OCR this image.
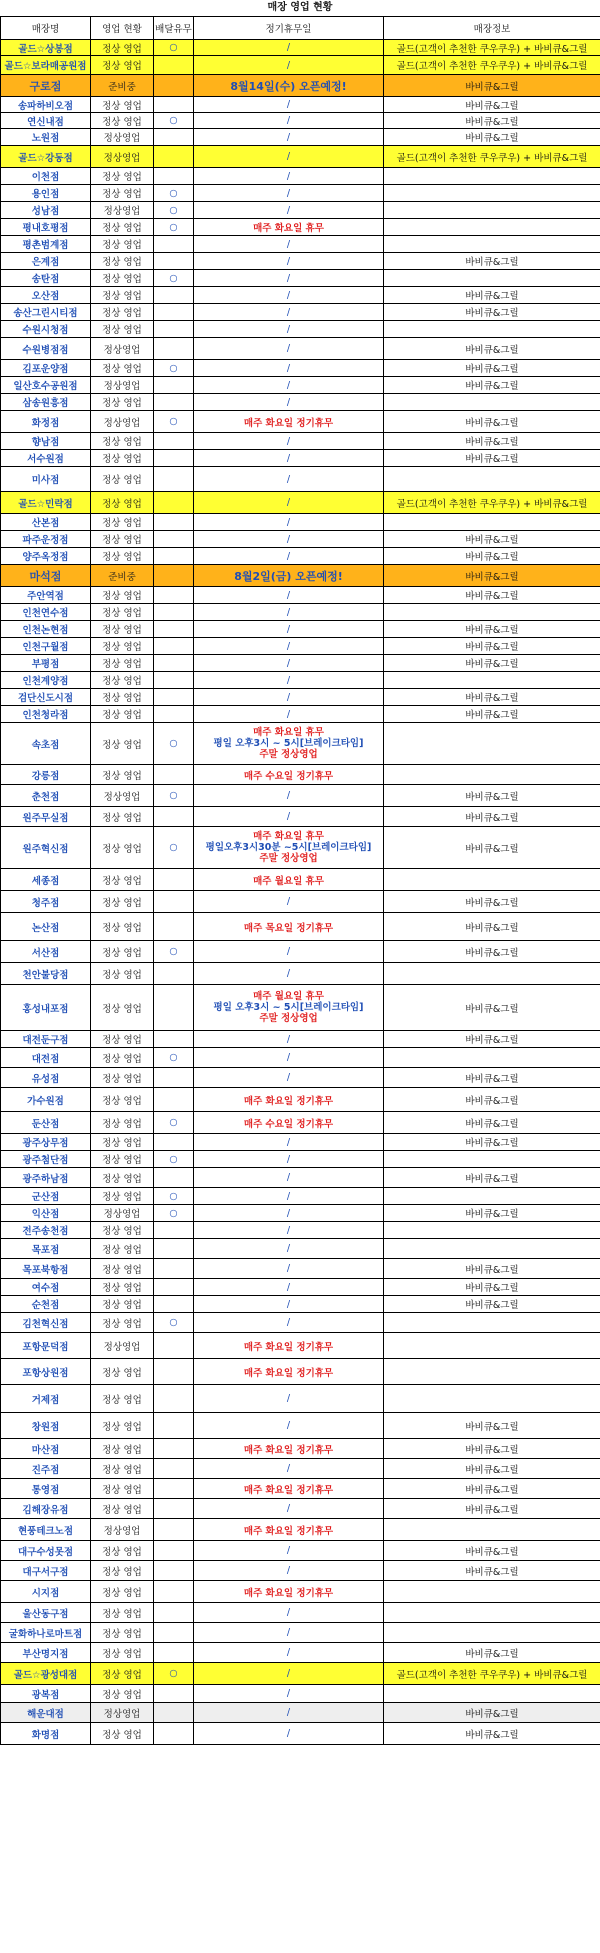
매장 영업 현황
매장명	영업 현황	배달유무	정기휴무일	매장정보
골드☆상봉점	정상 영업	○	/	골드(고객이 추천한 쿠우쿠우) + 바비큐&그릴
골드☆보라매공원점	정상 영업		/	골드(고객이 추천한 쿠우쿠우) + 바비큐&그릴
구로점	준비중		8월14일(수) 오픈예정!	바비큐&그릴
송파하비오점	정상 영업		/	바비큐&그릴
연신내점	정상 영업	○	/	바비큐&그릴
노원점	정상영업		/	바비큐&그릴
골드☆강동점	정상영업		/	골드(고객이 추천한 쿠우쿠우) + 바비큐&그릴
이천점	정상 영업		/	
용인점	정상 영업	○	/	
성남점	정상영업	○	/	
평내호평점	정상 영업	○	매주 화요일 휴무	
평촌범계점	정상 영업		/	
은계점	정상 영업		/	바비큐&그릴
송탄점	정상 영업	○	/	
오산점	정상 영업		/	바비큐&그릴
송산그린시티점	정상 영업		/	바비큐&그릴
수원시청점	정상 영업		/	
수원병점점	정상영업		/	바비큐&그릴
김포운양점	정상 영업	○	/	바비큐&그릴
일산호수공원점	정상영업		/	바비큐&그릴
삼송원흥점	정상 영업		/	
화정점	정상영업	○	매주 화요일 정기휴무	바비큐&그릴
향남점	정상 영업		/	바비큐&그릴
서수원점	정상 영업		/	바비큐&그릴
미사점	정상 영업		/	
골드☆민락점	정상 영업		/	골드(고객이 추천한 쿠우쿠우) + 바비큐&그릴
산본점	정상 영업		/	
파주운정점	정상 영업		/	바비큐&그릴
양주옥정점	정상 영업		/	바비큐&그릴
마석점	준비중		8월2일(금) 오픈예정!	바비큐&그릴
주안역점	정상 영업		/	바비큐&그릴
인천연수점	정상 영업		/	
인천논현점	정상 영업		/	바비큐&그릴
인천구월점	정상 영업		/	바비큐&그릴
부평점	정상 영업		/	바비큐&그릴
인천계양점	정상 영업		/	
검단신도시점	정상 영업		/	바비큐&그릴
인천청라점	정상 영업		/	바비큐&그릴
속초점	정상 영업	○	매주 화요일 휴무
평일 오후3시 ~ 5시[브레이크타임]
주말 정상영업	

강릉점	정상 영업		매주 수요일 정기휴무	
춘천점	정상영업	○	/	바비큐&그릴
원주무실점	정상 영업		/	바비큐&그릴
원주혁신점	정상 영업	○	매주 화요일 휴무
평일오후3시30분 ~5시[브레이크타임]
주말 정상영업	바비큐&그릴
세종점	정상 영업		매주 월요일 휴무	
청주점	정상 영업		/	바비큐&그릴
논산점	정상 영업		매주 목요일 정기휴무	바비큐&그릴
서산점	정상 영업	○	/	바비큐&그릴
천안불당점	정상 영업		/	
홍성내포점	정상 영업		매주 월요일 휴무
평일 오후3시 ~ 5시[브레이크타임]
주말 정상영업	바비큐&그릴
대전둔구점	정상 영업		/	바비큐&그릴
대전점	정상 영업	○	/	
유성점	정상 영업		/	바비큐&그릴
가수원점	정상 영업		매주 화요일 정기휴무	바비큐&그릴
둔산점	정상 영업	○	매주 수요일 정기휴무	바비큐&그릴
광주상무점	정상 영업		/	바비큐&그릴
광주첨단점	정상 영업	○	/	
광주하남점	정상 영업		/	바비큐&그릴
군산점	정상 영업	○	/	
익산점	정상영업	○	/	바비큐&그릴
전주송천점	정상 영업		/	
목포점	정상 영업		/	
목포북항점	정상 영업		/	바비큐&그릴
여수점	정상 영업		/	바비큐&그릴
순천점	정상 영업		/	바비큐&그릴
김천혁신점	정상 영업	○	/	
포항문덕점	정상영업		매주 화요일 정기휴무	
포항상원점	정상 영업		매주 화요일 정기휴무	
거제점	정상 영업		/	
창원점	정상 영업		/	바비큐&그릴
마산점	정상 영업		매주 화요일 정기휴무	바비큐&그릴
진주점	정상 영업		/	바비큐&그릴
통영점	정상 영업		매주 화요일 정기휴무	바비큐&그릴
김해장유점	정상 영업		/	바비큐&그릴
현풍테크노점	정상영업		매주 화요일 정기휴무	
대구수성못점	정상 영업		/	바비큐&그릴
대구서구점	정상 영업		/	바비큐&그릴
시지점	정상 영업		매주 화요일 정기휴무	
울산동구점	정상 영업		/	
굴화하나로마트점	정상 영업		/	
부산명지점	정상 영업		/	바비큐&그릴
골드☆광성대점	정상 영업	○	/	골드(고객이 추천한 쿠우쿠우) + 바비큐&그릴
광복점	정상 영업		/	
해운대점	정상영업		/	바비큐&그릴
화명점	정상 영업		/	바비큐&그릴
